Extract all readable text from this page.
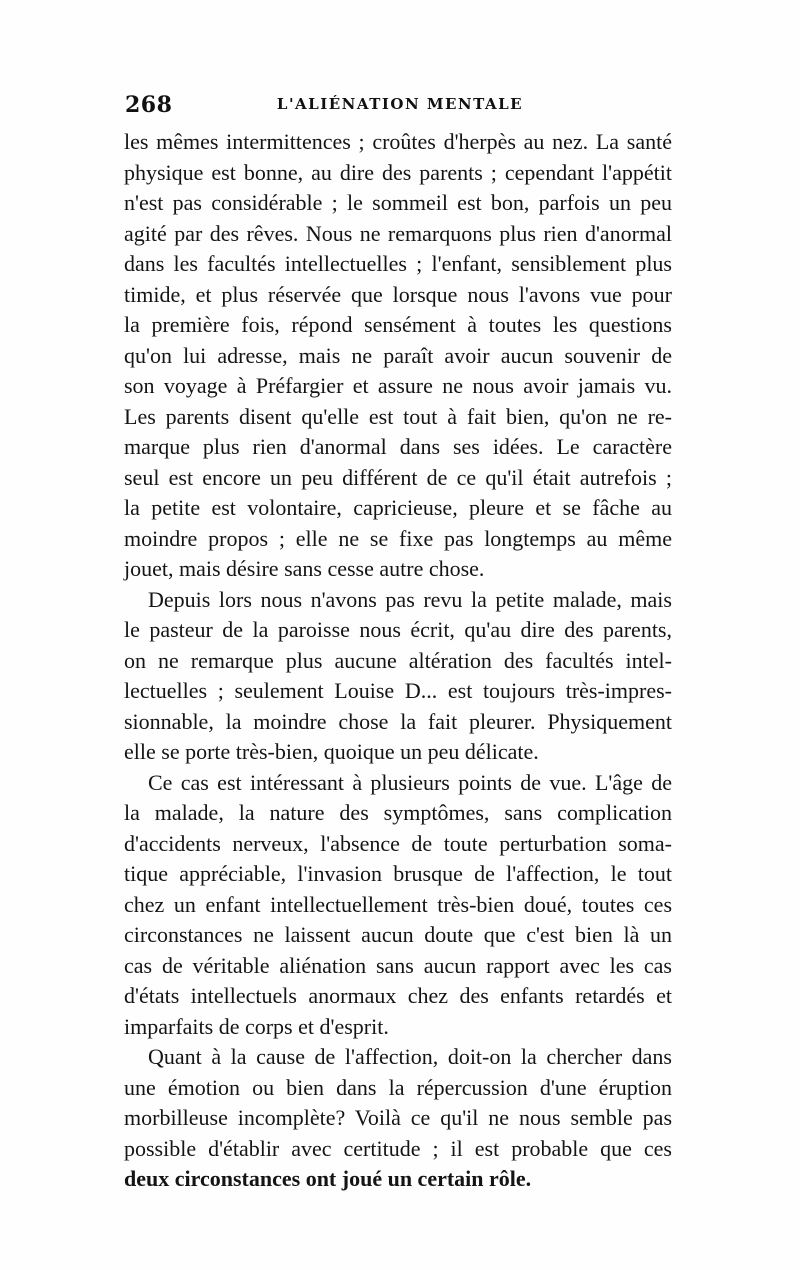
268	L'ALIÉNATION MENTALE
les mêmes intermittences ; croûtes d'herpès au nez. La santé
physique est bonne, au dire des parents ; cependant l'appétit
n'est pas considérable ; le sommeil est bon, parfois un peu
agité par des rêves. Nous ne remarquons plus rien d'anormal
dans les facultés intellectuelles ; l'enfant, sensiblement plus
timide, et plus réservée que lorsque nous l'avons vue pour
la première fois, répond sensément à toutes les questions
qu'on lui adresse, mais ne paraît avoir aucun souvenir de
son voyage à Préfargier et assure ne nous avoir jamais vu.
Les parents disent qu'elle est tout à fait bien, qu'on ne re-
marque plus rien d'anormal dans ses idées. Le caractère
seul est encore un peu différent de ce qu'il était autrefois ;
la petite est volontaire, capricieuse, pleure et se fâche au
moindre propos ; elle ne se fixe pas longtemps au même
jouet, mais désire sans cesse autre chose.
Depuis lors nous n'avons pas revu la petite malade, mais
le pasteur de la paroisse nous écrit, qu'au dire des parents,
on ne remarque plus aucune altération des facultés intel-
lectuelles ; seulement Louise D... est toujours très-impres-
sionnable, la moindre chose la fait pleurer. Physiquement
elle se porte très-bien, quoique un peu délicate.
Ce cas est intéressant à plusieurs points de vue. L'âge de
la malade, la nature des symptômes, sans complication
d'accidents nerveux, l'absence de toute perturbation soma-
tique appréciable, l'invasion brusque de l'affection, le tout
chez un enfant intellectuellement très-bien doué, toutes ces
circonstances ne laissent aucun doute que c'est bien là un
cas de véritable aliénation sans aucun rapport avec les cas
d'états intellectuels anormaux chez des enfants retardés et
imparfaits de corps et d'esprit.
Quant à la cause de l'affection, doit-on la chercher dans
une émotion ou bien dans la répercussion d'une éruption
morbilleuse incomplète? Voilà ce qu'il ne nous semble pas
possible d'établir avec certitude ; il est probable que ces
deux circonstances ont joué un certain rôle.
